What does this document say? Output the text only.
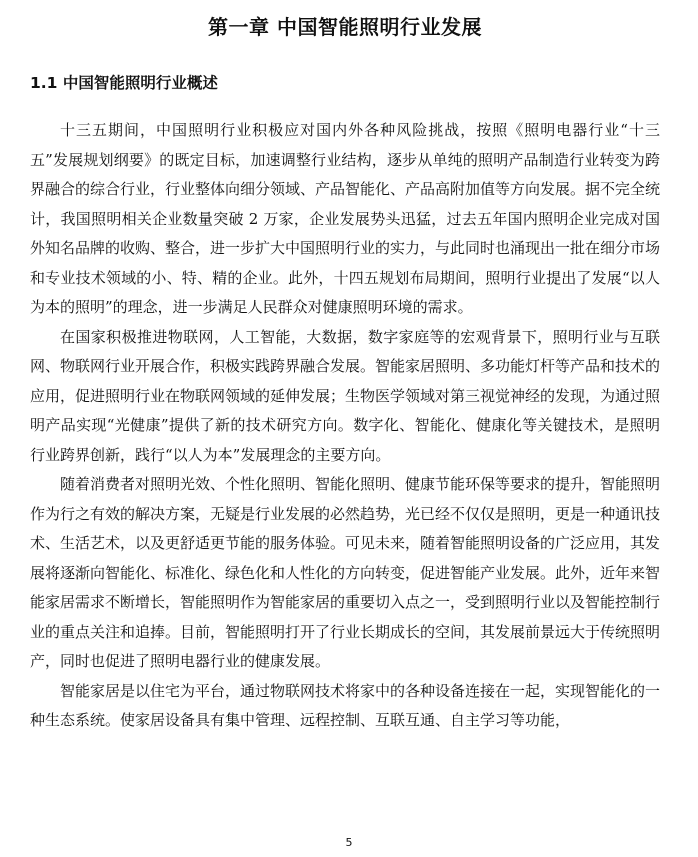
第一章 中国智能照明行业发展
1.1 中国智能照明行业概述

十三五期间，中国照明行业积极应对国内外各种风险挑战，按照《照明电器行业“十三五”发展规划纲要》的既定目标，加速调整行业结构，逐步从单纯的照明产品制造行业转变为跨界融合的综合行业，行业整体向细分领域、产品智能化、产品高附加值等方向发展。据不完全统计，我国照明相关企业数量突破 2 万家，企业发展势头迅猛，过去五年国内照明企业完成对国外知名品牌的收购、整合，进一步扩大中国照明行业的实力，与此同时也涌现出一批在细分市场和专业技术领域的小、特、精的企业。此外，十四五规划布局期间，照明行业提出了发展“以人为本的照明”的理念，进一步满足人民群众对健康照明环境的需求。

在国家积极推进物联网，人工智能，大数据，数字家庭等的宏观背景下，照明行业与互联网、物联网行业开展合作，积极实践跨界融合发展。智能家居照明、多功能灯杆等产品和技术的应用，促进照明行业在物联网领域的延伸发展；生物医学领域对第三视觉神经的发现，为通过照明产品实现“光健康”提供了新的技术研究方向。数字化、智能化、健康化等关键技术，是照明行业跨界创新，践行“以人为本”发展理念的主要方向。

随着消费者对照明光效、个性化照明、智能化照明、健康节能环保等要求的提升，智能照明作为行之有效的解决方案，无疑是行业发展的必然趋势，光已经不仅仅是照明，更是一种通讯技术、生活艺术，以及更舒适更节能的服务体验。可见未来，随着智能照明设备的广泛应用，其发展将逐渐向智能化、标准化、绿色化和人性化的方向转变，促进智能产业发展。此外，近年来智能家居需求不断增长，智能照明作为智能家居的重要切入点之一，受到照明行业以及智能控制行业的重点关注和追捧。目前，智能照明打开了行业长期成长的空间，其发展前景远大于传统照明产，同时也促进了照明电器行业的健康发展。

智能家居是以住宅为平台，通过物联网技术将家中的各种设备连接在一起，实现智能化的一种生态系统。使家居设备具有集中管理、远程控制、互联互通、自主学习等功能，

5
